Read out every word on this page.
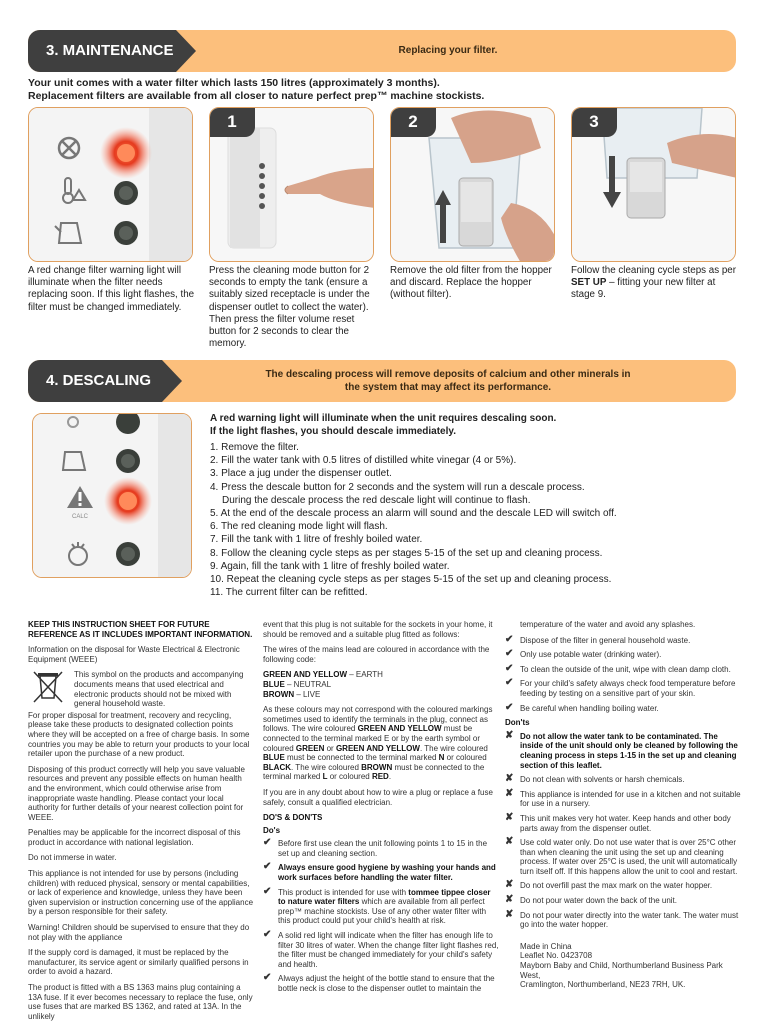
3. MAINTENANCE	Replacing your filter.
Your unit comes with a water filter which lasts 150 litres (approximately 3 months).
Replacement filters are available from all closer to nature perfect prep™ machine stockists.
1	2	3
A red change filter warning light will illuminate when the filter needs replacing soon. If this light flashes, the filter must be changed immediately.
Press the cleaning mode button for 2 seconds to empty the tank (ensure a suitably sized receptacle is under the dispenser outlet to collect the water). Then press the filter volume reset button for 2 seconds to clear the memory.
Remove the old filter from the hopper and discard. Replace the hopper (without filter).
Follow the cleaning cycle steps as per SET UP – fitting your new filter at stage 9.
4. DESCALING	The descaling process will remove deposits of calcium and other minerals in
the system that may affect its performance.
CALC
A red warning light will illuminate when the unit requires descaling soon.
If the light flashes, you should descale immediately.
1. Remove the filter.
2. Fill the water tank with 0.5 litres of distilled white vinegar (4 or 5%).
3. Place a jug under the dispenser outlet.
4. Press the descale button for 2 seconds and the system will run a descale process.
During the descale process the red descale light will continue to flash.
5. At the end of the descale process an alarm will sound and the descale LED will switch off.
6. The red cleaning mode light will flash.
7. Fill the tank with 1 litre of freshly boiled water.
8. Follow the cleaning cycle steps as per stages 5-15 of the set up and cleaning process.
9. Again, fill the tank with 1 litre of freshly boiled water.
10. Repeat the cleaning cycle steps as per stages 5-15 of the set up and cleaning process.
11. The current filter can be refitted.

KEEP THIS INSTRUCTION SHEET FOR FUTURE REFERENCE AS IT INCLUDES IMPORTANT INFORMATION.

Information on the disposal for Waste Electrical & Electronic Equipment (WEEE)

This symbol on the products and accompanying documents means that used electrical and electronic products should not be mixed with general household waste.

For proper disposal for treatment, recovery and recycling, please take these products to designated collection points where they will be accepted on a free of charge basis. In some countries you may be able to return your products to your local retailer upon the purchase of a new product.

Disposing of this product correctly will help you save valuable resources and prevent any possible effects on human health and the environment, which could otherwise arise from inappropriate waste handling. Please contact your local authority for further details of your nearest collection point for WEEE.

Penalties may be applicable for the incorrect disposal of this product in accordance with national legislation.

Do not immerse in water.

This appliance is not intended for use by persons (including children) with reduced physical, sensory or mental capabilities, or lack of experience and knowledge, unless they have been given supervision or instruction concerning use of the appliance by a person responsible for their safety.

Warning! Children should be supervised to ensure that they do not play with the appliance

If the supply cord is damaged, it must be replaced by the manufacturer, its service agent or similarly qualified persons in order to avoid a hazard.

The product is fitted with a BS 1363 mains plug containing a 13A fuse. If it ever becomes necessary to replace the fuse, only use fuses that are marked BS 1362, and rated at 13A. In the unlikely

event that this plug is not suitable for the sockets in your home, it should be removed and a suitable plug fitted as follows:

The wires of the mains lead are coloured in accordance with the following code:

GREEN AND YELLOW – EARTH
BLUE – NEUTRAL
BROWN – LIVE

As these colours may not correspond with the coloured markings sometimes used to identify the terminals in the plug, connect as follows. The wire coloured GREEN AND YELLOW must be connected to the terminal marked E or by the earth symbol or coloured GREEN or GREEN AND YELLOW. The wire coloured BLUE must be connected to the terminal marked N or coloured BLACK. The wire coloured BROWN must be connected to the terminal marked L or coloured RED.

If you are in any doubt about how to wire a plug or replace a fuse safely, consult a qualified electrician.

DO'S & DON'TS

Do's

✔ Before first use clean the unit following points 1 to 15 in the set up and cleaning section.
✔ Always ensure good hygiene by washing your hands and work surfaces before handling the water filter.
✔ This product is intended for use with tommee tippee closer to nature water filters which are available from all perfect prep™ machine stockists. Use of any other water filter with this product could put your child's health at risk.
✔ A solid red light will indicate when the filter has enough life to filter 30 litres of water. When the change filter light flashes red, the filter must be changed immediately for your child's safety and health.
✔ Always adjust the height of the bottle stand to ensure that the bottle neck is close to the dispenser outlet to maintain the

temperature of the water and avoid any splashes.

✔ Dispose of the filter in general household waste.
✔ Only use potable water (drinking water).
✔ To clean the outside of the unit, wipe with clean damp cloth.
✔ For your child's safety always check food temperature before feeding by testing on a sensitive part of your skin.
✔ Be careful when handling boiling water.

Don'ts

✘ Do not allow the water tank to be contaminated. The inside of the unit should only be cleaned by following the cleaning process in steps 1-15 in the set up and cleaning section of this leaflet.
✘ Do not clean with solvents or harsh chemicals.
✘ This appliance is intended for use in a kitchen and not suitable for use in a nursery.
✘ This unit makes very hot water. Keep hands and other body parts away from the dispenser outlet.
✘ Use cold water only. Do not use water that is over 25°C other than when cleaning the unit using the set up and cleaning process. If water over 25°C is used, the unit will automatically turn itself off. If this happens allow the unit to cool and restart.
✘ Do not overfill past the max mark on the water hopper.
✘ Do not pour water down the back of the unit.
✘ Do not pour water directly into the water tank. The water must go into the water hopper.
Made in China
Leaflet No. 0423708
Mayborn Baby and Child, Northumberland Business Park West,
Cramlington, Northumberland, NE23 7RH, UK.
